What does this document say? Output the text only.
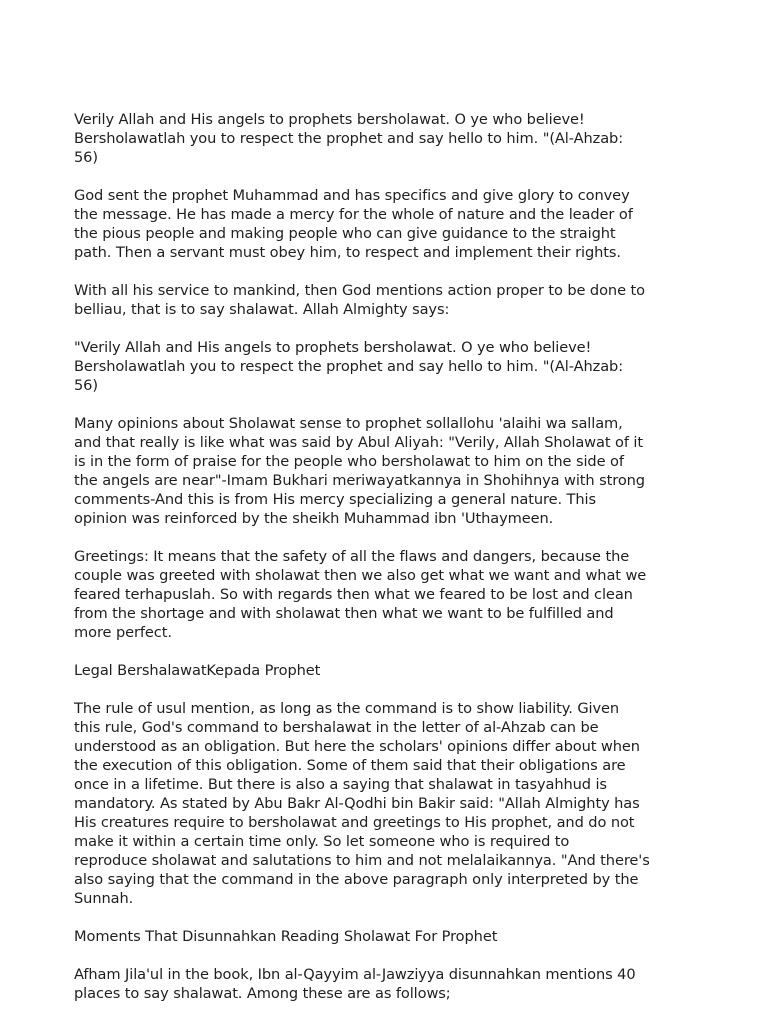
Verily Allah and His angels to prophets bersholawat. O ye who believe!
Bersholawatlah you to respect the prophet and say hello to him. "(Al-Ahzab:
56)

God sent the prophet Muhammad and has specifics and give glory to convey
the message. He has made a mercy for the whole of nature and the leader of
the pious people and making people who can give guidance to the straight
path. Then a servant must obey him, to respect and implement their rights.

With all his service to mankind, then God mentions action proper to be done to
belliau, that is to say shalawat. Allah Almighty says:

"Verily Allah and His angels to prophets bersholawat. O ye who believe!
Bersholawatlah you to respect the prophet and say hello to him. "(Al-Ahzab:
56)

Many opinions about Sholawat sense to prophet sollallohu 'alaihi wa sallam,
and that really is like what was said by Abul Aliyah: "Verily, Allah Sholawat of it
is in the form of praise for the people who bersholawat to him on the side of
the angels are near"-Imam Bukhari meriwayatkannya in Shohihnya with strong
comments-And this is from His mercy specializing a general nature. This
opinion was reinforced by the sheikh Muhammad ibn 'Uthaymeen.

Greetings: It means that the safety of all the flaws and dangers, because the
couple was greeted with sholawat then we also get what we want and what we
feared terhapuslah. So with regards then what we feared to be lost and clean
from the shortage and with sholawat then what we want to be fulfilled and
more perfect.

Legal BershalawatKepada Prophet

The rule of usul mention, as long as the command is to show liability. Given
this rule, God's command to bershalawat in the letter of al-Ahzab can be
understood as an obligation. But here the scholars' opinions differ about when
the execution of this obligation. Some of them said that their obligations are
once in a lifetime. But there is also a saying that shalawat in tasyahhud is
mandatory. As stated by Abu Bakr Al-Qodhi bin Bakir said: "Allah Almighty has
His creatures require to bersholawat and greetings to His prophet, and do not
make it within a certain time only. So let someone who is required to
reproduce sholawat and salutations to him and not melalaikannya. "And there's
also saying that the command in the above paragraph only interpreted by the
Sunnah.

Moments That Disunnahkan Reading Sholawat For Prophet

Afham Jila'ul in the book, Ibn al-Qayyim al-Jawziyya disunnahkan mentions 40
places to say shalawat. Among these are as follows;
